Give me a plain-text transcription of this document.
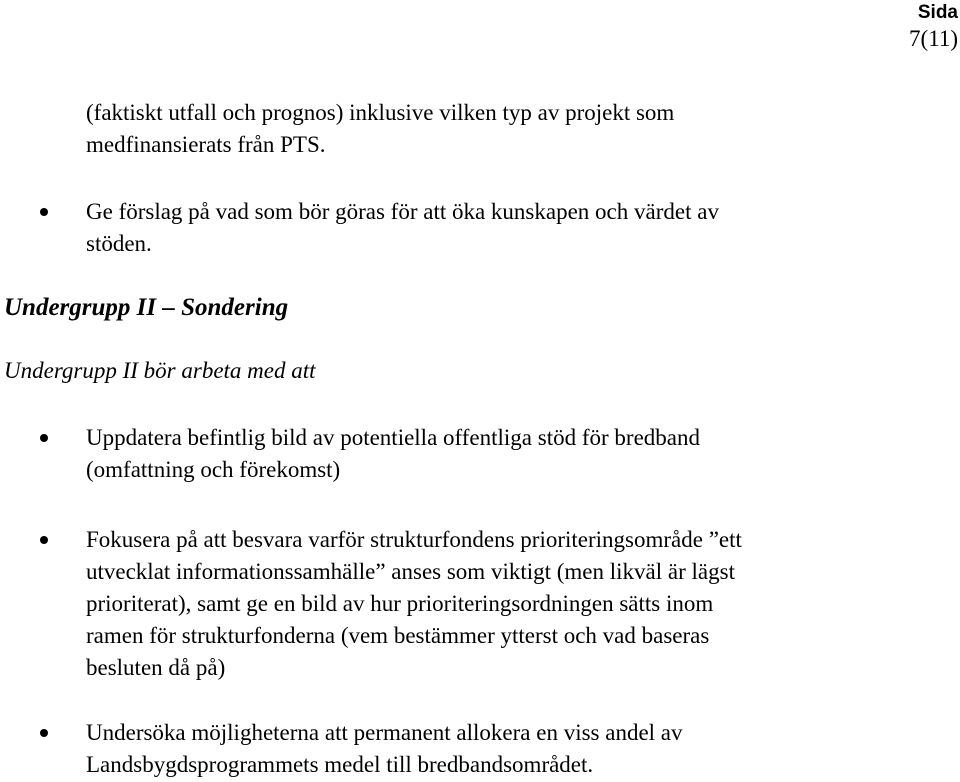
Sida
7(11)

(faktiskt utfall och prognos) inklusive vilken typ av projekt som

medfinansierats från PTS.

Ge förslag på vad som bör göras för att öka kunskapen och värdet av

stöden.

Undergrupp II – Sondering

Undergrupp II bör arbeta med att

Uppdatera befintlig bild av potentiella offentliga stöd för bredband

(omfattning och förekomst)

Fokusera på att besvara varför strukturfondens prioriteringsområde ”ett

utvecklat informationssamhälle” anses som viktigt (men likväl är lägst

prioriterat), samt ge en bild av hur prioriteringsordningen sätts inom

ramen för strukturfonderna (vem bestämmer ytterst och vad baseras

besluten då på)

Undersöka möjligheterna att permanent allokera en viss andel av

Landsbygdsprogrammets medel till bredbandsområdet.
